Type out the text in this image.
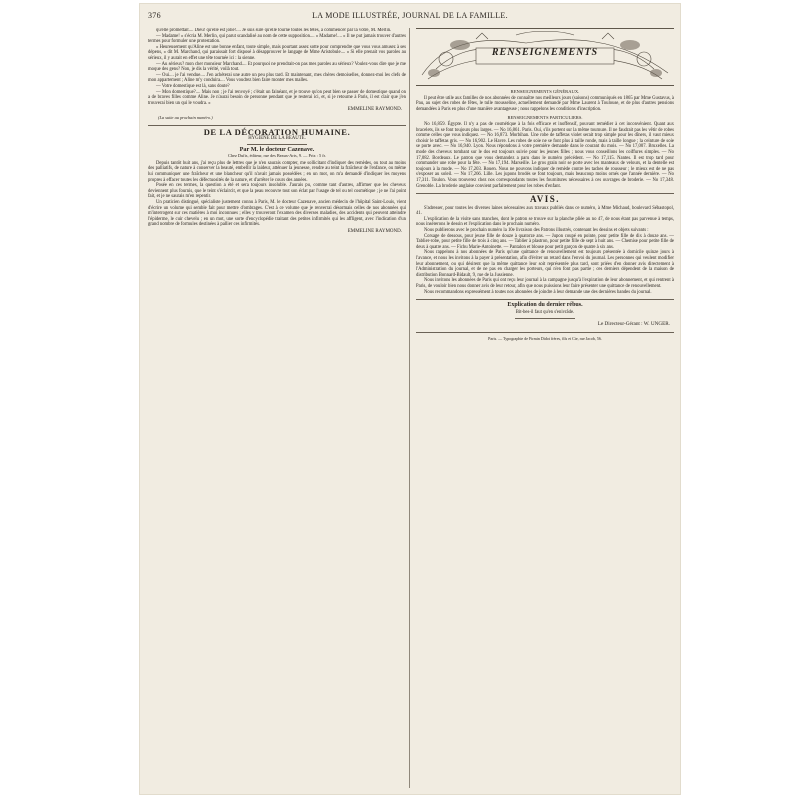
376	LA MODE ILLUSTRÉE, JOURNAL DE LA FAMILLE.

qu'elle promettait.... Dieu! qu'elle est jolie!.... Je suis sûre qu'elle tourne toutes les têtes, à commencer par la vôtre, M. Merlin.

— Madame! » s'écria M. Merlin, qui parut scandalisé au nom de cette supposition.... « Madame!.... » Il ne put jamais trouver d'autres termes pour formuler une protestation.

« Heureusement qu'Aline est une bonne enfant, toute simple, mais pourtant assez sotte pour comprendre que vous vous amusez à ses dépens, » dit M. Marchand, qui paraissait fort disposé à désapprouver le langage de Mme Aristobule.... « Si elle prenait vos paroles au sérieux, il y aurait en effet une tête tournée ici : la sienne.

— Au sérieux? mon cher monsieur Marchand.... Et pourquoi ne prendrait-on pas mes paroles au sérieux? Voulez-vous dire que je me moque des gens? Non, je dis la vérité, voilà tout.

— Oui.... je l'ai vendue.... J'en achèterai une autre un peu plus tard. Et maintenant, mes chères demoiselles, donnez-moi les clefs de mon appartement ; Aline m'y conduira.... Vous voudrez bien faire monter mes malles.

— Votre domestique est là, sans doute?

— Mon domestique?.... Mais non ; je l'ai renvoyé ; c'était un fainéant, et je trouve qu'on peut bien se passer de domestique quand on a de braves filles comme Aline. Je n'aurai besoin de personne pendant que je resterai ici, et, si je retourne à Paris, il est clair que j'en trouverai bien un qui le voudra. »

EMMELINE RAYMOND.
(La suite au prochain numéro.)
DE LA DÉCORATION HUMAINE.
HYGIÈNE DE LA BEAUTÉ.
Par M. le docteur Cazenave.
Chez Dufis, éditeur, rue des Beaux-Arts, 9. — Prix : 5 fr.

Depuis tantôt huit ans, j'ai reçu plus de lettres que je n'en saurais compter, me sollicitant d'indiquer des remèdes, ou tout au moins des palliatifs, de nature à conserver la beauté, embellir la laideur, atténuer la jeunesse, rendre au teint la fraîcheur de l'enfance, ou même lui communiquer une fraîcheur et une blancheur qu'il n'avait jamais possédées ; en un mot, on m'a demandé d'indiquer les moyens propres à effacer toutes les défectuosités de la nature, et d'arrêter le cours des années.

Posée en ces termes, la question a été et sera toujours insoluble. J'aurais pu, comme tant d'autres, affirmer que les cheveux deviennent plus fournis, que le teint s'éclaircit, et que la peau recouvre tout son éclat par l'usage de tel ou tel cosmétique ; je ne l'ai point fait, et je ne saurais m'en repentir.

Un praticien distingué, spécialiste justement connu à Paris, M. le docteur Cazenave, ancien médecin de l'hôpital Saint-Louis, vient d'écrire un volume qui semble fait pour mettre d'ombrages. C'est à ce volume que je renverrai désormais celles de nos abonnées qui m'interrogent sur ces matières à moi inconnues ; elles y trouveront l'examen des diverses maladies, des accidents qui peuvent atteindre l'épiderme, le cuir chevelu ; en un mot, une sorte d'encyclopédie traitant des petites infirmités qui les affligent, avec l'indication d'un grand nombre de formules destinées à pallier ces infirmités.

EMMELINE RAYMOND.
RENSEIGNEMENTS
RENSEIGNEMENTS GÉNÉRAUX.

Il peut être utile aux familles de nos abonnées de connaître nos meilleurs jours (saisons) communiqués en 1865 par Mme Gustavus, à Pau, au sujet des robes de fêtes, le tulle mousseline, actuellement demandé par Mme Laurent à Toulouse, et de plus d'autres pensions demandées à Paris en plus d'une manière avantageuse ; nous rappelons les conditions d'inscription.

RENSEIGNEMENTS PARTICULIERS.

No 16,859. Égypte. Il n'y a pas de cosmétique à la fois efficace et inoffensif, pouvant remédier à cet inconvénient. Quant aux bracelets, ils se font toujours plus larges. — No 16,861. Paris. Oui, s'ils portent sur la même tournure. Il ne faudrait pas les vêtir de robes comme celles que vous indiquez. — No 16,873. Morbihan. Une robe de taffetas violet serait trop simple pour les dîners, il vaut mieux choisir le taffetas gris. — No 16,902. Le Havre. Les robes de soie ne se font plus à taille ronde, mais à taille longue ; la ceinture de soie se porte avec. — No 16,940. Lyon. Nous répondons à votre première demande dans le courant du mois. — No 17,007. Bruxelles. La mode des cheveux tombant sur le dos est toujours suivie pour les jeunes filles ; nous vous conseillons les coiffures simples. — No 17,082. Bordeaux. Le patron que vous demandez a paru dans le numéro précédent. — No 17,115. Nantes. Il est trop tard pour commander une robe pour la fête. — No 17,194. Marseille. Le gros grain noir se porte avec les manteaux de velours, et la dentelle est toujours à la mode. — No 17,203. Rouen. Nous ne pouvons indiquer de remède contre les taches de rousseur ; le mieux est de ne pas s'exposer au soleil. — No 17,266. Lille. Les jupons brodés se font toujours, mais beaucoup moins ornés que l'année dernière. — No 17,311. Toulon. Vous trouverez chez nos correspondants toutes les fournitures nécessaires à ces ouvrages de broderie. — No 17,348. Grenoble. La broderie anglaise convient parfaitement pour les robes d'enfant.

AVIS.

S'adresser, pour toutes les diverses laines nécessaires aux travaux publiés dans ce numéro, à Mme Michaud, boulevard Sébastopol, 41.

L'explication de la visite sans manches, dont le patron se trouve sur la planche pliée au no 47, de nous étant pas parvenue à temps, nous insérerons le dessin et l'explication dans le prochain numéro.

Nous publierons avec le prochain numéro la 10e livraison des Patrons illustrés, contenant les dessins et objets suivants :

Corsage de dessous, pour jeune fille de douze à quatorze ans. — Jupon coupé en pointe, pour petite fille de dix à douze ans. — Tablier-robe, pour petite fille de trois à cinq ans. — Tablier à plastron, pour petite fille de sept à huit ans. — Chemise pour petite fille de deux à quatre ans. — Fichu Marie-Antoinette. — Pantalon et blouse pour petit garçon de quatre à six ans.

Nous rappelons à nos abonnées de Paris qu'une quittance de renouvellement est toujours présentée à domicile quinze jours à l'avance, et nous les invitons à la payer à présentation, afin d'éviter un retard dans l'envoi du journal. Les personnes qui veulent modifier leur abonnement, ou qui désirent que la même quittance leur soit représentée plus tard, sont priées d'en donner avis directement à l'Administration du journal, et de ne pas en charger les porteurs, qui n'en font pas partie ; ces derniers dépendent de la maison de distribution Bonnard-Bidault, 9, rue de la Jussienne.

Nous invitons les abonnées de Paris qui ont reçu leur journal à la campagne jusqu'à l'expiration de leur abonnement, et qui rentrent à Paris, de vouloir bien nous donner avis de leur retour, afin que nous puissions leur faire présenter une quittance de renouvellement.

Nous recommandons expressément à toutes nos abonnées de joindre à leur demande une des dernières bandes du journal.

Explication du dernier rébus.

Bit-bes-il faut qu'en s'enivrâde.

Le Directeur-Gérant : W. UNGER.
Paris. — Typographie de Firmin Didot frères, fils et Cie, rue Jacob, 56.
